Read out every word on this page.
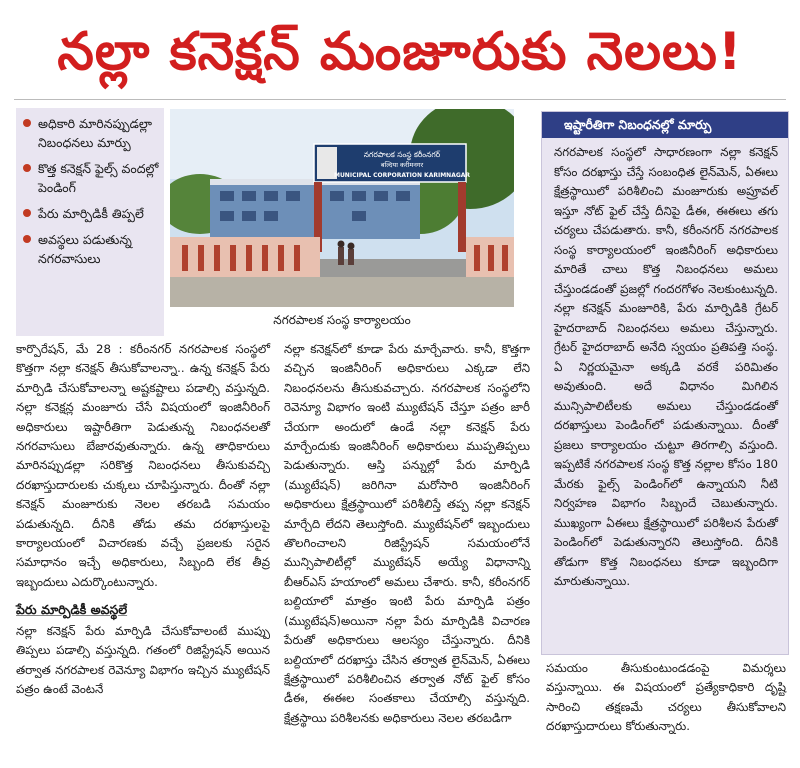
నల్లా కనెక్షన్ మంజూరుకు నెలలు!
అధికారి మారినప్పుడల్లా నిబంధనలు మార్పు
కొత్త కనెక్షన్ ఫైల్స్ వందల్లో పెండింగ్
పేరు మార్పిడికీ తిప్పలే
అవస్థలు పడుతున్న నగరవాసులు
నగరపాలక సంస్థ కరీంనగర్
बल्दिया करीमनगर
MUNICIPAL CORPORATION KARIMNAGAR
నగరపాలక సంస్థ కార్యాలయం
ఇష్టారీతిగా నిబంధనల్లో మార్పు
నగరపాలక సంస్థలో సాధారణంగా నల్లా కనెక్షన్ కోసం దరఖాస్తు చేస్తే సంబంధిత లైన్‌మెన్, ఏఈలు క్షేత్రస్థాయిలో పరిశీలించి మంజూరుకు అప్రూవల్ ఇస్తూ నోట్ ఫైల్ చేస్తే దీనిపై డీఈ, ఈఈలు తగు చర్యలు చేపడుతారు. కానీ, కరీంనగర్ నగరపాలక సంస్థ కార్యాలయంలో ఇంజినీరింగ్ అధికారులు మారితే చాలు కొత్త నిబంధనలు అమలు చేస్తుండడంతో ప్రజల్లో గందరగోళం నెలకుంటున్నది. నల్లా కనెక్షన్ మంజూరికి, పేరు మార్పిడికి గ్రేటర్ హైదరాబాద్ నిబంధనలు అమలు చేస్తున్నారు. గ్రేటర్ హైదరాబాద్ అనేది స్వయం ప్రతిపత్తి సంస్థ. ఏ నిర్ణయమైనా అక్కడి వరకే పరిమితం అవుతుంది. అదే విధానం మిగిలిన మున్సిపాలిటీలకు అమలు చేస్తుండడంతో దరఖాస్తులు పెండింగ్‌లో పడుతున్నాయి. దీంతో ప్రజలు కార్యాలయం చుట్టూ తిరగాల్సి వస్తుంది. ఇప్పటికే నగరపాలక సంస్థ కొత్త నల్లాల కోసం 180 మేరకు ఫైల్స్ పెండింగ్‌లో ఉన్నాయని నీటి నిర్వహణ విభాగం సిబ్బందే చెబుతున్నారు. ముఖ్యంగా ఏఈలు క్షేత్రస్థాయిలో పరిశీలన పేరుతో పెండింగ్‌లో పెడుతున్నారని తెలుస్తోంది. దీనికి తోడుగా కొత్త నిబంధనలు కూడా ఇబ్బందిగా మారుతున్నాయి.

కార్పొరేషన్, మే 28 : కరీంనగర్ నగరపాలక సంస్థలో కొత్తగా నల్లా కనెక్షన్ తీసుకోవాలన్నా.. ఉన్న కనెక్షన్ పేరు మార్పిడి చేసుకోవాలన్నా అష్టకష్టాలు పడాల్సి వస్తున్నది. నల్లా కనెక్షన్ల మంజూరు చేసే విషయంలో ఇంజినీరింగ్ అధికారులు ఇష్టారీతిగా పెడుతున్న నిబంధనలతో నగరవాసులు బేజారవుతున్నారు. ఉన్న తాధికారులు మారినప్పుడల్లా సరికొత్త నిబంధనలు తీసుకువచ్చి దరఖాస్తుదారులకు చుక్కలు చూపిస్తున్నారు. దీంతో నల్లా కనెక్షన్ మంజూరుకు నెలల తరబడి సమయం పడుతున్నది. దీనికి తోడు తమ దరఖాస్తులపై కార్యాలయంలో విచారణకు వచ్చే ప్రజలకు సరైన సమాధానం ఇచ్చే అధికారులు, సిబ్బంది లేక తీవ్ర ఇబ్బందులు ఎదుర్కొంటున్నారు.

పేరు మార్పిడికీ అవస్థలే

నల్లా కనెక్షన్ పేరు మార్పిడి చేసుకోవాలంటే ముప్పు తిప్పలు పడాల్సి వస్తున్నది. గతంలో రిజిస్ట్రేషన్ అయిన తర్వాత నగరపాలక రెవెన్యూ విభాగం ఇచ్చిన మ్యుటేషన్ పత్రం ఉంటే వెంటనే

నల్లా కనెక్షన్‌లో కూడా పేరు మార్చేవారు. కానీ, కొత్తగా వచ్చిన ఇంజినీరింగ్ అధికారులు ఎక్కడా లేని నిబంధనలను తీసుకువచ్చారు. నగరపాలక సంస్థలోని రెవెన్యూ విభాగం ఇంటి మ్యుటేషన్ చేస్తూ పత్రం జారీ చేయగా అందులో ఉండే నల్లా కనెక్షన్ పేరు మార్చేందుకు ఇంజినీరింగ్ అధికారులు ముప్పతిప్పలు పెడుతున్నారు. ఆస్తి పన్నుల్లో పేరు మార్పిడి (మ్యుటేషన్) జరిగినా మరోసారి ఇంజినీరింగ్ అధికారులు క్షేత్రస్థాయిలో పరిశీలిస్తే తప్ప నల్లా కనెక్షన్ మార్చేది లేదని తెలుస్తోంది. మ్యుటేషన్‌లో ఇబ్బందులు తొలగించాలని రిజిస్ట్రేషన్ సమయంలోనే మున్సిపాలిటీల్లో మ్యుటేషన్ అయ్యే విధానాన్ని బీఆర్ఎస్ హయాంలో అమలు చేశారు. కానీ, కరీంనగర్ బల్దియాలో మాత్రం ఇంటి పేరు మార్పిడి పత్రం (మ్యుటేషన్)అయినా నల్లా పేరు మార్పిడికి విచారణ పేరుతో అధికారులు ఆలస్యం చేస్తున్నారు. దీనికి బల్దియాలో దరఖాస్తు చేసిన తర్వాత లైన్‌మెన్, ఏఈలు క్షేత్రస్థాయిలో పరిశీలించిన తర్వాత నోట్ ఫైల్ కోసం డీఈ, ఈఈల సంతకాలు చేయాల్సి వస్తున్నది. క్షేత్రస్థాయి పరిశీలనకు అధికారులు నెలల తరబడిగా

సమయం తీసుకుంటుండడంపై విమర్శలు వస్తున్నాయి. ఈ విషయంలో ప్రత్యేకాధికారి దృష్టి సారించి తక్షణమే చర్యలు తీసుకోవాలని దరఖాస్తుదారులు కోరుతున్నారు.
